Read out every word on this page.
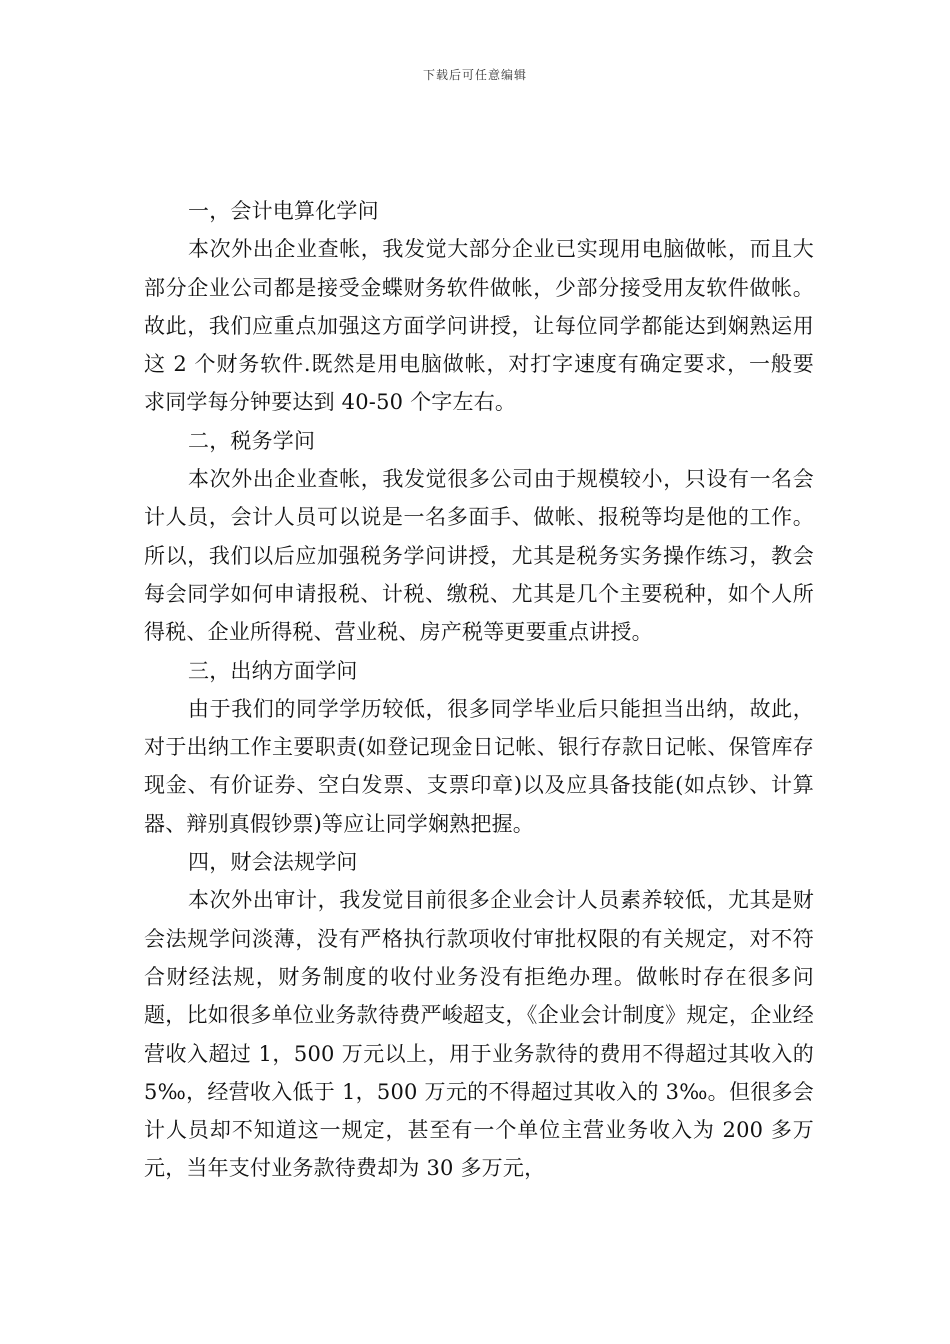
下载后可任意编辑

一，会计电算化学问

本次外出企业查帐，我发觉大部分企业已实现用电脑做帐，而且大部分企业公司都是接受金蝶财务软件做帐，少部分接受用友软件做帐。故此，我们应重点加强这方面学问讲授，让每位同学都能达到娴熟运用这 2 个财务软件.既然是用电脑做帐，对打字速度有确定要求，一般要求同学每分钟要达到 40-50 个字左右。

二，税务学问

本次外出企业查帐，我发觉很多公司由于规模较小，只设有一名会计人员，会计人员可以说是一名多面手、做帐、报税等均是他的工作。所以，我们以后应加强税务学问讲授，尤其是税务实务操作练习，教会每会同学如何申请报税、计税、缴税、尤其是几个主要税种，如个人所得税、企业所得税、营业税、房产税等更要重点讲授。

三，出纳方面学问

由于我们的同学学历较低，很多同学毕业后只能担当出纳，故此，对于出纳工作主要职责(如登记现金日记帐、银行存款日记帐、保管库存现金、有价证券、空白发票、支票印章)以及应具备技能(如点钞、计算器、辩别真假钞票)等应让同学娴熟把握。

四，财会法规学问

本次外出审计，我发觉目前很多企业会计人员素养较低，尤其是财会法规学问淡薄，没有严格执行款项收付审批权限的有关规定，对不符合财经法规，财务制度的收付业务没有拒绝办理。做帐时存在很多问题，比如很多单位业务款待费严峻超支，《企业会计制度》规定，企业经营收入超过 1，500 万元以上，用于业务款待的费用不得超过其收入的 5‰，经营收入低于 1，500 万元的不得超过其收入的 3‰。但很多会计人员却不知道这一规定，甚至有一个单位主营业务收入为 200 多万元，当年支付业务款待费却为 30 多万元，
